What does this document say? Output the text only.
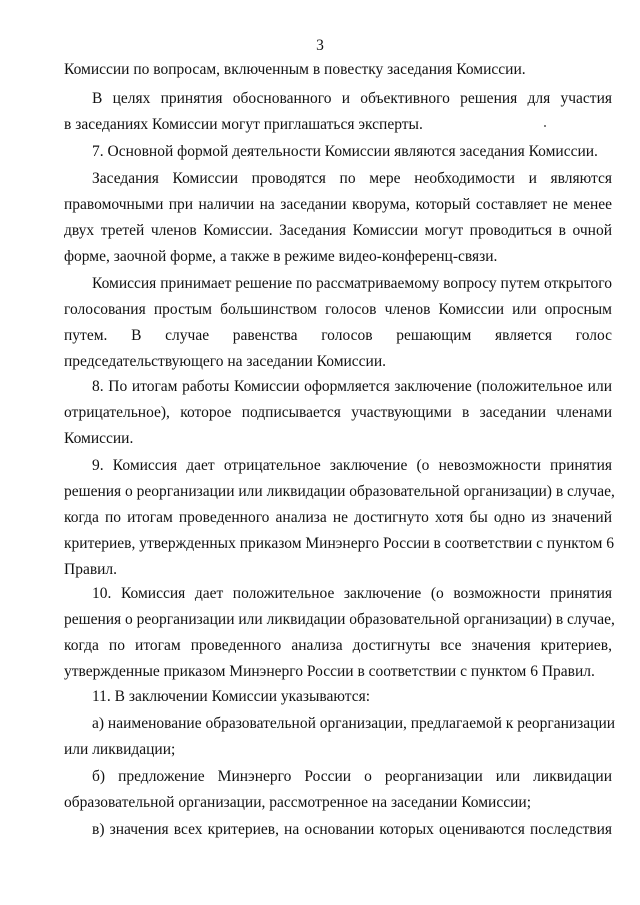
3
Комиссии по вопросам, включенным в повестку заседания Комиссии.
В целях принятия обоснованного и объективного решения для участия
в заседаниях Комиссии могут приглашаться эксперты.
7. Основной формой деятельности Комиссии являются заседания Комиссии.
Заседания Комиссии проводятся по мере необходимости и являются
правомочными при наличии на заседании кворума, который составляет не менее
двух третей членов Комиссии. Заседания Комиссии могут проводиться в очной
форме, заочной форме, а также в режиме видео-конференц-связи.
Комиссия принимает решение по рассматриваемому вопросу путем открытого
голосования простым большинством голосов членов Комиссии или опросным
путем. В случае равенства голосов решающим является голос
председательствующего на заседании Комиссии.
8. По итогам работы Комиссии оформляется заключение (положительное или
отрицательное), которое подписывается участвующими в заседании членами
Комиссии.
9. Комиссия дает отрицательное заключение (о невозможности принятия
решения о реорганизации или ликвидации образовательной организации) в случае,
когда по итогам проведенного анализа не достигнуто хотя бы одно из значений
критериев, утвержденных приказом Минэнерго России в соответствии с пунктом 6
Правил.
10. Комиссия дает положительное заключение (о возможности принятия
решения о реорганизации или ликвидации образовательной организации) в случае,
когда по итогам проведенного анализа достигнуты все значения критериев,
утвержденные приказом Минэнерго России в соответствии с пунктом 6 Правил.
11. В заключении Комиссии указываются:
а) наименование образовательной организации, предлагаемой к реорганизации
или ликвидации;
б) предложение Минэнерго России о реорганизации или ликвидации
образовательной организации, рассмотренное на заседании Комиссии;
в) значения всех критериев, на основании которых оцениваются последствия
